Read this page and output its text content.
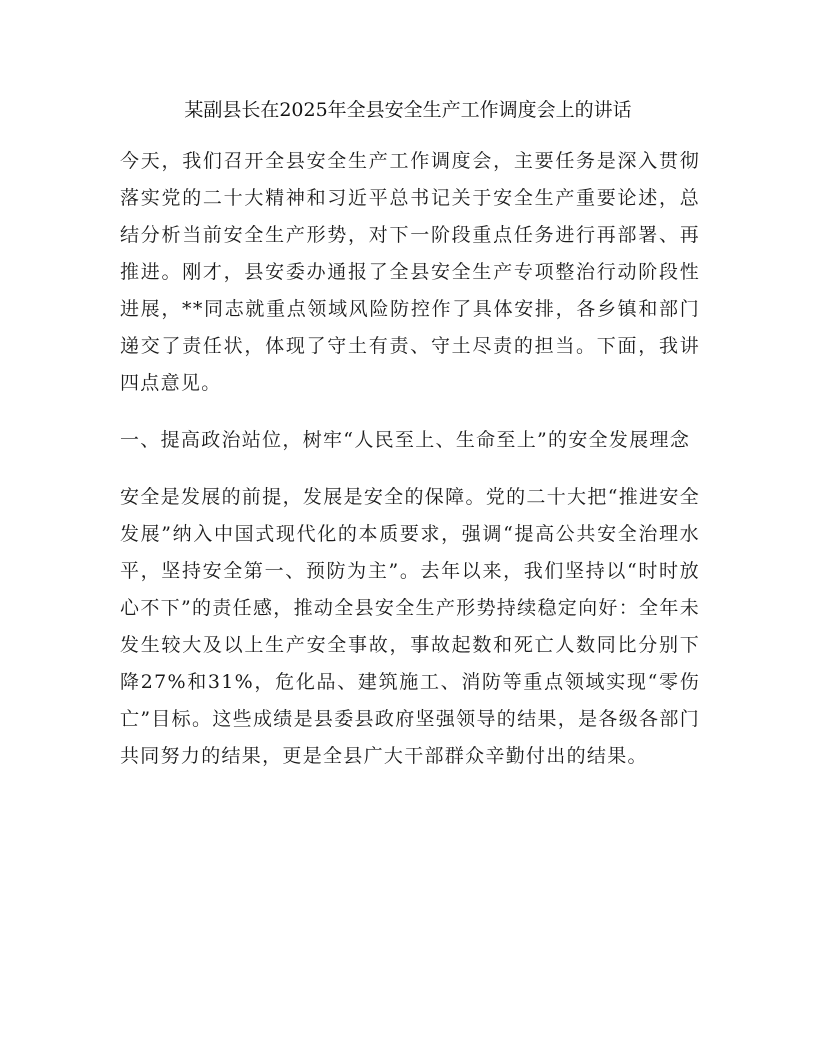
某副县长在2025年全县安全生产工作调度会上的讲话

今天，我们召开全县安全生产工作调度会，主要任务是深入贯彻落实党的二十大精神和习近平总书记关于安全生产重要论述，总结分析当前安全生产形势，对下一阶段重点任务进行再部署、再推进。刚才，县安委办通报了全县安全生产专项整治行动阶段性进展，**同志就重点领域风险防控作了具体安排，各乡镇和部门递交了责任状，体现了守土有责、守土尽责的担当。下面，我讲四点意见。

一、提高政治站位，树牢“人民至上、生命至上”的安全发展理念

安全是发展的前提，发展是安全的保障。党的二十大把“推进安全发展”纳入中国式现代化的本质要求，强调“提高公共安全治理水平，坚持安全第一、预防为主”。去年以来，我们坚持以“时时放心不下”的责任感，推动全县安全生产形势持续稳定向好：全年未发生较大及以上生产安全事故，事故起数和死亡人数同比分别下降27%和31%，危化品、建筑施工、消防等重点领域实现“零伤亡”目标。这些成绩是县委县政府坚强领导的结果，是各级各部门共同努力的结果，更是全县广大干部群众辛勤付出的结果。
